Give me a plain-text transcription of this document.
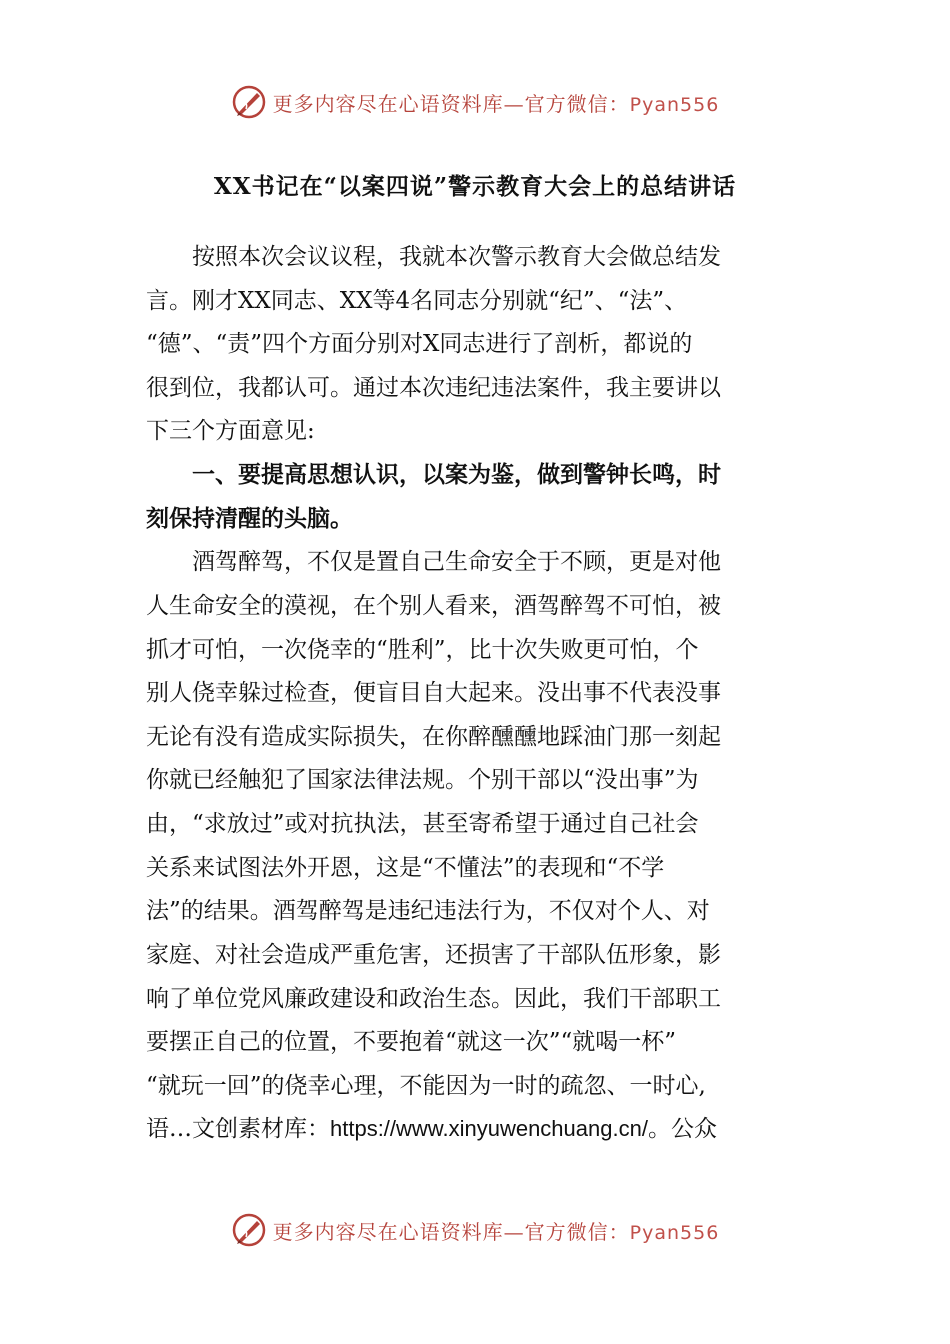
更多内容尽在心语资料库—官方微信：Pyan556
XX书记在“以案四说”警示教育大会上的总结讲话
　　按照本次会议议程，我就本次警示教育大会做总结发
言。刚才XX同志、XX等4名同志分别就“纪”、“法”、
“德”、“责”四个方面分别对X同志进行了剖析，都说的
很到位，我都认可。通过本次违纪违法案件，我主要讲以
下三个方面意见:
　　一、要提高思想认识，以案为鉴，做到警钟长鸣，时
刻保持清醒的头脑。
　　酒驾醉驾，不仅是置自己生命安全于不顾，更是对他
人生命安全的漠视，在个别人看来，酒驾醉驾不可怕，被
抓才可怕，一次侥幸的“胜利”，比十次失败更可怕，个
别人侥幸躲过检查，便盲目自大起来。没出事不代表没事
无论有没有造成实际损失，在你醉醺醺地踩油门那一刻起
你就已经触犯了国家法律法规。个别干部以“没出事”为
由，“求放过”或对抗执法，甚至寄希望于通过自己社会
关系来试图法外开恩，这是“不懂法”的表现和“不学
法”的结果。酒驾醉驾是违纪违法行为，不仅对个人、对
家庭、对社会造成严重危害，还损害了干部队伍形象，影
响了单位党风廉政建设和政治生态。因此，我们干部职工
要摆正自己的位置，不要抱着“就这一次”“就喝一杯”
“就玩一回”的侥幸心理，不能因为一时的疏忽、一时心,
语…文创素材库：https://www.xinyuwenchuang.cn/。公众
更多内容尽在心语资料库—官方微信：Pyan556
